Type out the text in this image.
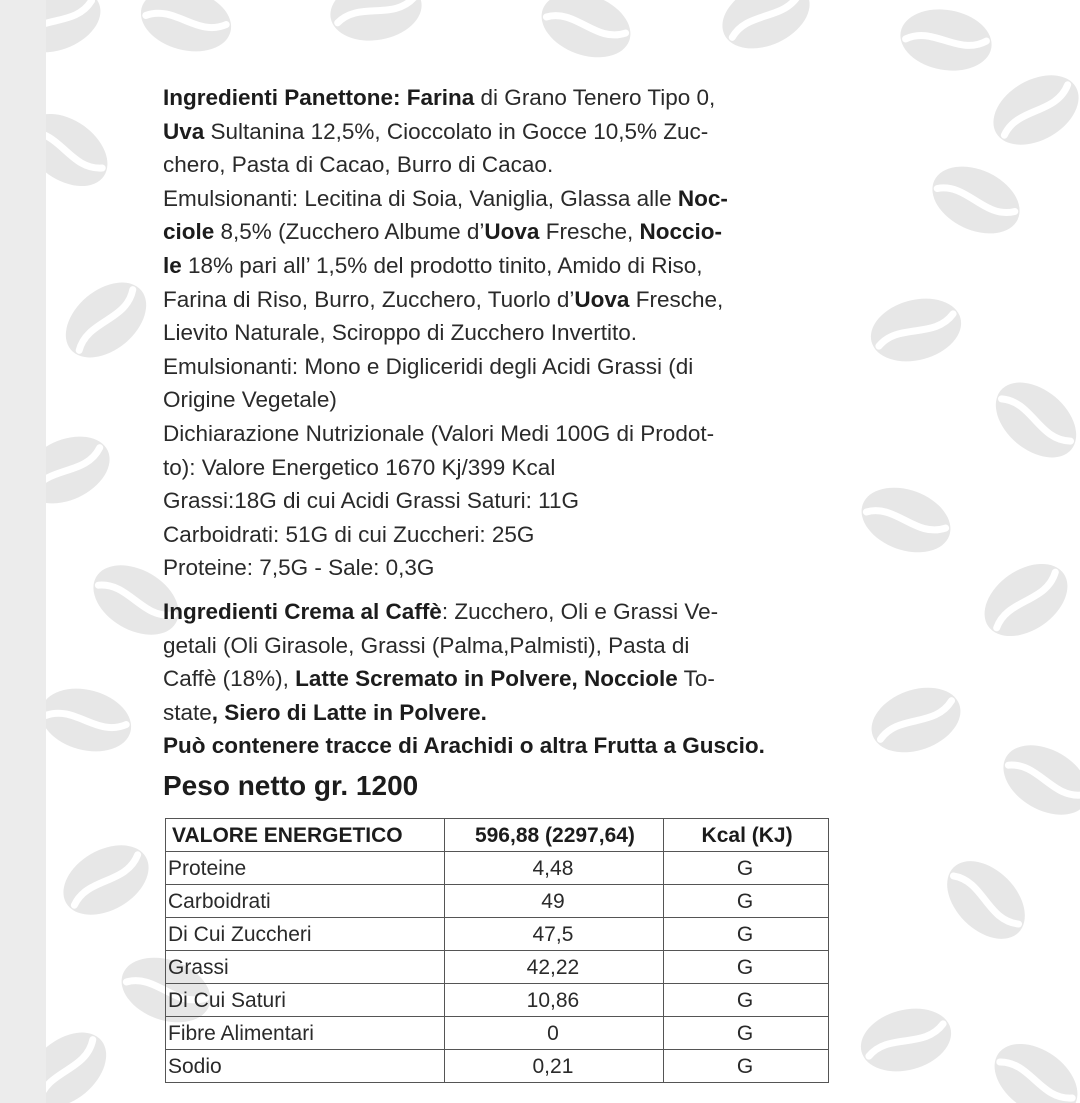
Ingredienti Panettone: Farina di Grano Tenero Tipo 0,
Uva Sultanina 12,5%, Cioccolato in Gocce 10,5% Zuc-
chero, Pasta di Cacao, Burro di Cacao.
Emulsionanti: Lecitina di Soia, Vaniglia, Glassa alle Noc-
ciole 8,5% (Zucchero Albume d’Uova Fresche, Noccio-
le 18% pari all’ 1,5% del prodotto tinito, Amido di Riso,
Farina di Riso, Burro, Zucchero, Tuorlo d’Uova Fresche,
Lievito Naturale, Sciroppo di Zucchero Invertito.
Emulsionanti: Mono e Digliceridi degli Acidi Grassi (di
Origine Vegetale)
Dichiarazione Nutrizionale (Valori Medi 100G di Prodot-
to): Valore Energetico 1670 Kj/399 Kcal
Grassi:18G di cui Acidi Grassi Saturi: 11G
Carboidrati: 51G di cui Zuccheri: 25G
Proteine: 7,5G - Sale: 0,3G
Ingredienti Crema al Caffè: Zucchero, Oli e Grassi Ve-
getali (Oli Girasole, Grassi (Palma,Palmisti), Pasta di
Caffè (18%), Latte Scremato in Polvere, Nocciole To-
state, Siero di Latte in Polvere.
Può contenere tracce di Arachidi o altra Frutta a Guscio.
Peso netto gr. 1200
VALORE ENERGETICO	596,88 (2297,64)	Kcal (KJ)
Proteine	4,48	G
Carboidrati	49	G
Di Cui Zuccheri	47,5	G
Grassi	42,22	G
Di Cui Saturi	10,86	G
Fibre Alimentari	0	G
Sodio	0,21	G
